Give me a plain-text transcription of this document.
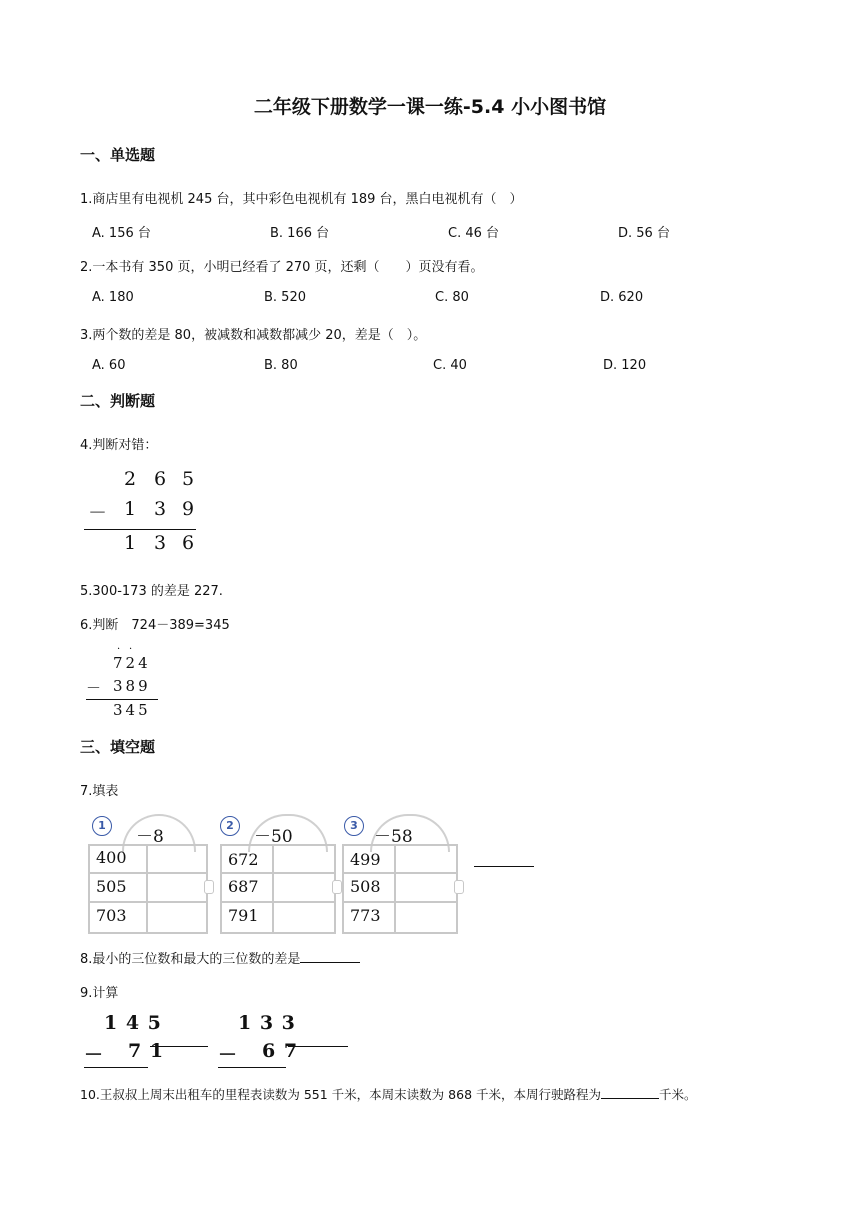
二年级下册数学一课一练-5.4 小小图书馆
一、单选题
1.商店里有电视机 245 台，其中彩色电视机有 189 台，黑白电视机有（　）
A. 156 台	B. 166 台	C. 46 台	D. 56 台
2.一本书有 350 页，小明已经看了 270 页，还剩（　　）页没有看。
A. 180	B. 520	C. 80	D. 620
3.两个数的差是 80，被减数和减数都减少 20，差是（　）。
A. 60	B. 80	C. 40	D. 120
二、判断题
4.判断对错：
2 6 5
－ 1 3 9
1 3 6
5.300-173 的差是 227.
6.判断　724－389=345
· ·
724
－ 389
345
三、填空题
7.填表
1
－8
400
505
703
2
－50
672
687
791
3
－58
499
508
773
8.最小的三位数和最大的三位数的差是
9.计算
1 4 5
－ 7 1
1 3 3
－ 6 7
10.王叔叔上周末出租车的里程表读数为 551 千米，本周末读数为 868 千米，本周行驶路程为	千米。
